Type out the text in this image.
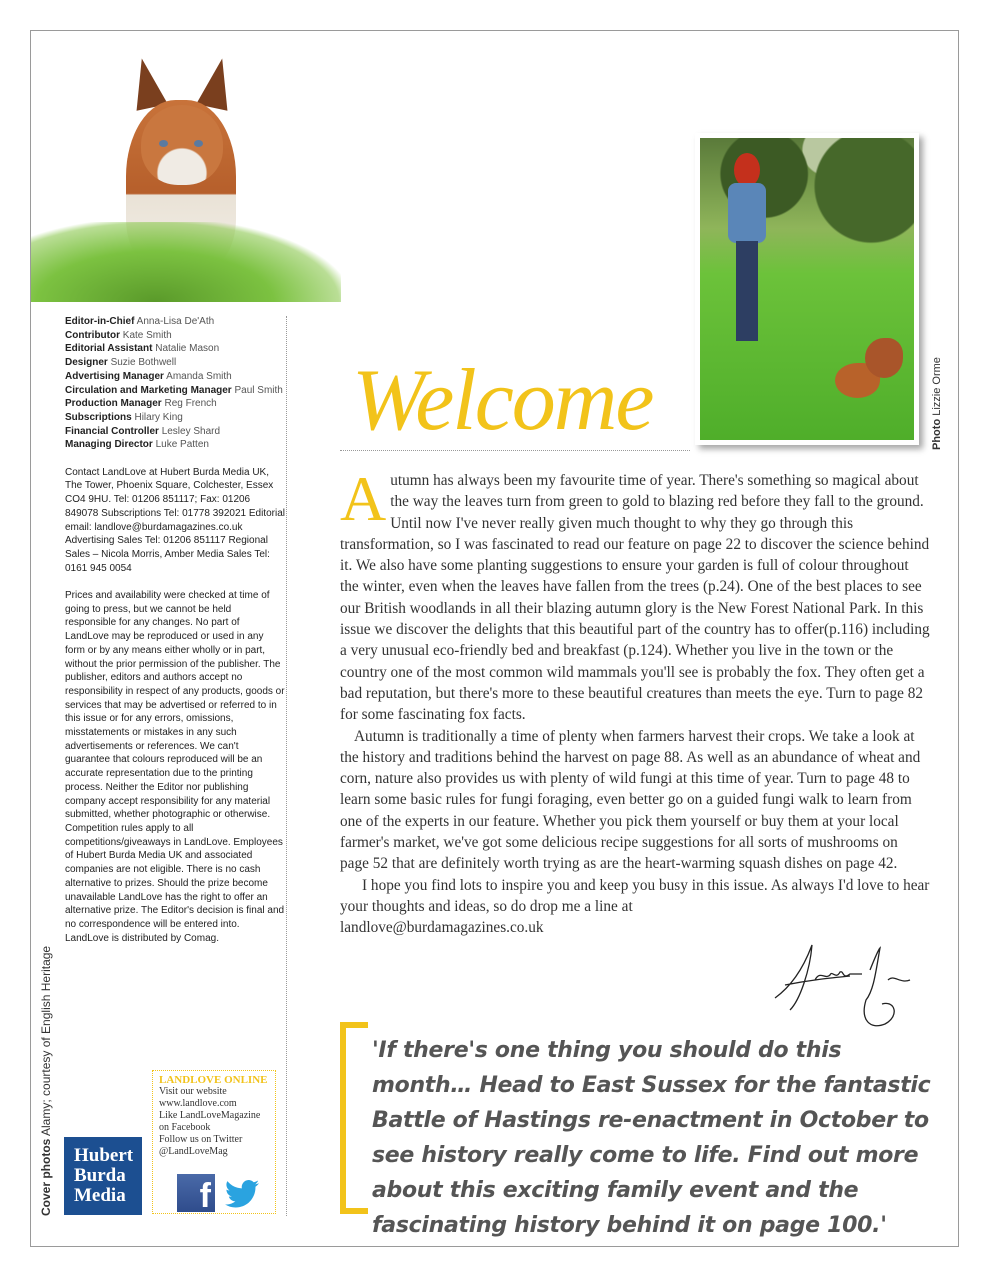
Photo Lizzie Orme
Welcome

Editor-in-Chief Anna-Lisa De'Ath
Contributor Kate Smith
Editorial Assistant Natalie Mason
Designer Suzie Bothwell
Advertising Manager Amanda Smith
Circulation and Marketing Manager Paul Smith
Production Manager Reg French
Subscriptions Hilary King
Financial Controller Lesley Shard
Managing Director Luke Patten

Contact LandLove at Hubert Burda Media UK, The Tower, Phoenix Square, Colchester, Essex CO4 9HU. Tel: 01206 851117; Fax: 01206 849078 Subscriptions Tel: 01778 392021 Editorial email: landlove@burdamagazines.co.uk Advertising Sales Tel: 01206 851117 Regional Sales – Nicola Morris, Amber Media Sales Tel: 0161 945 0054

Prices and availability were checked at time of going to press, but we cannot be held responsible for any changes. No part of LandLove may be reproduced or used in any form or by any means either wholly or in part, without the prior permission of the publisher. The publisher, editors and authors accept no responsibility in respect of any products, goods or services that may be advertised or referred to in this issue or for any errors, omissions, misstatements or mistakes in any such advertisements or references. We can't guarantee that colours reproduced will be an accurate representation due to the printing process. Neither the Editor nor publishing company accept responsibility for any material submitted, whether photographic or otherwise. Competition rules apply to all competitions/giveaways in LandLove. Employees of Hubert Burda Media UK and associated companies are not eligible. There is no cash alternative to prizes. Should the prize become unavailable LandLove has the right to offer an alternative prize. The Editor's decision is final and no correspondence will be entered into. LandLove is distributed by Comag.

Autumn has always been my favourite time of year. There's something so magical about the way the leaves turn from green to gold to blazing red before they fall to the ground. Until now I've never really given much thought to why they go through this transformation, so I was fascinated to read our feature on page 22 to discover the science behind it. We also have some planting suggestions to ensure your garden is full of colour throughout the winter, even when the leaves have fallen from the trees (p.24). One of the best places to see our British woodlands in all their blazing autumn glory is the New Forest National Park. In this issue we discover the delights that this beautiful part of the country has to offer(p.116) including a very unusual eco-friendly bed and breakfast (p.124). Whether you live in the town or the country one of the most common wild mammals you'll see is probably the fox. They often get a bad reputation, but there's more to these beautiful creatures than meets the eye. Turn to page 82 for some fascinating fox facts.

Autumn is traditionally a time of plenty when farmers harvest their crops. We take a look at the history and traditions behind the harvest on page 88. As well as an abundance of wheat and corn, nature also provides us with plenty of wild fungi at this time of year. Turn to page 48 to learn some basic rules for fungi foraging, even better go on a guided fungi walk to learn from one of the experts in our feature. Whether you pick them yourself or buy them at your local farmer's market, we've got some delicious recipe suggestions for all sorts of mushrooms on page 52 that are definitely worth trying as are the heart-warming squash dishes on page 42.

I hope you find lots to inspire you and keep you busy in this issue. As always I'd love to hear your thoughts and ideas, so do drop me a line at

landlove@burdamagazines.co.uk

'If there's one thing you should do this month… Head to East Sussex for the fantastic Battle of Hastings re-enactment in October to see history really come to life. Find out more about this exciting family event and the fascinating history behind it on page 100.'
Cover photos Alamy; courtesy of English Heritage
Hubert
Burda
Media
LANDLOVE ONLINE
Visit our website
www.landlove.com
Like LandLoveMagazine
on Facebook
Follow us on Twitter
@LandLoveMag
f
